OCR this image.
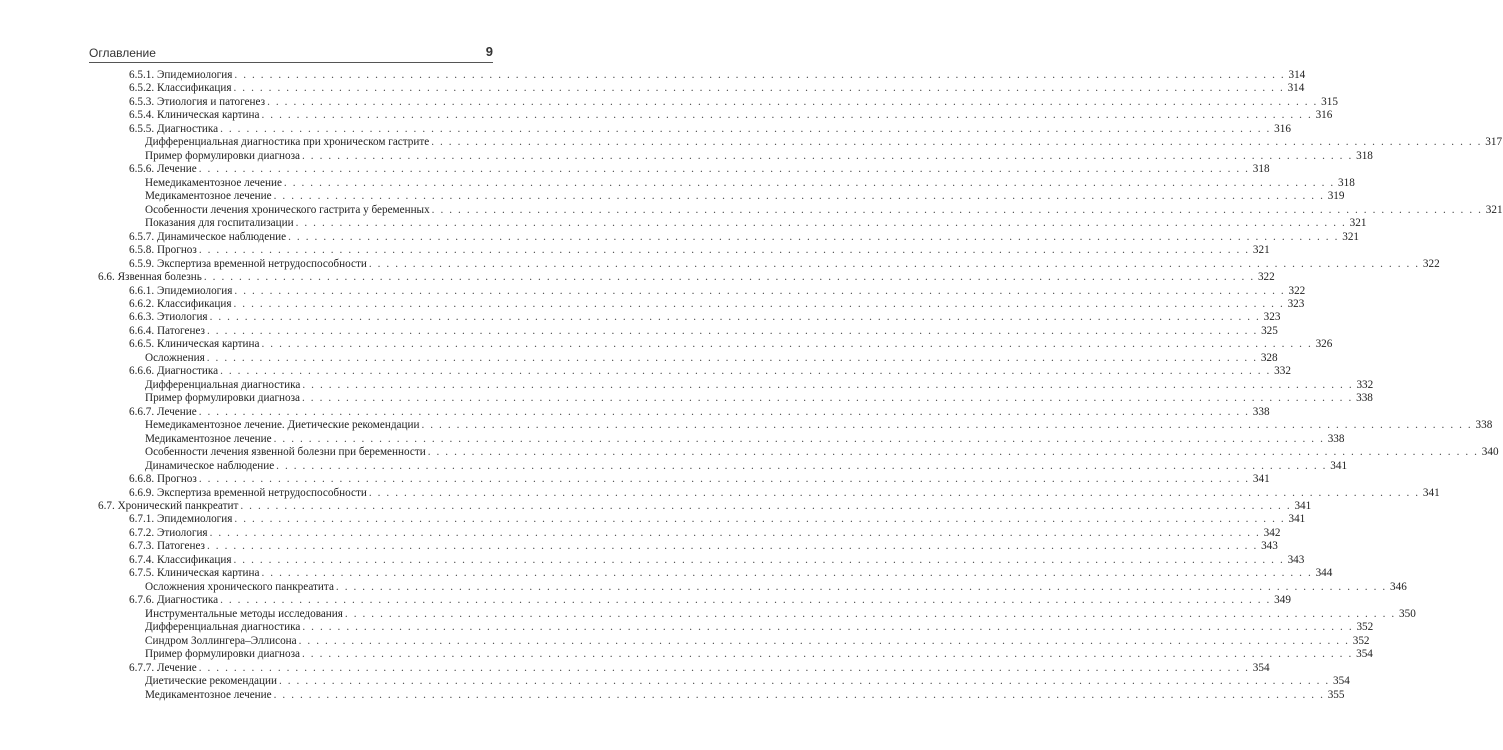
Оглавление	9
6.5.1. Эпидемиология . . . . . . . . . . . . . . . . . . . . . . . . . . . . . . . . . . . . . . . . . . . . . . . . . . . . . . . . . . . . . . . . . . . . . . . . . . . . . . . . . . . . . . . . . . . . . . . . . . . . . . . . . . . . . . . . . . . . . . . . 314
6.5.2. Классификация . . . . . . . . . . . . . . . . . . . . . . . . . . . . . . . . . . . . . . . . . . . . . . . . . . . . . . . . . . . . . . . . . . . . . . . . . . . . . . . . . . . . . . . . . . . . . . . . . . . . . . . . . . . . . . . . . . . . . . . . 314
6.5.3. Этиология и патогенез . . . . . . . . . . . . . . . . . . . . . . . . . . . . . . . . . . . . . . . . . . . . . . . . . . . . . . . . . . . . . . . . . . . . . . . . . . . . . . . . . . . . . . . . . . . . . . . . . . . . . . . . . . . . . . . . . . . . . . . . 315
6.5.4. Клиническая картина . . . . . . . . . . . . . . . . . . . . . . . . . . . . . . . . . . . . . . . . . . . . . . . . . . . . . . . . . . . . . . . . . . . . . . . . . . . . . . . . . . . . . . . . . . . . . . . . . . . . . . . . . . . . . . . . . . . . . . . . 316
6.5.5. Диагностика . . . . . . . . . . . . . . . . . . . . . . . . . . . . . . . . . . . . . . . . . . . . . . . . . . . . . . . . . . . . . . . . . . . . . . . . . . . . . . . . . . . . . . . . . . . . . . . . . . . . . . . . . . . . . . . . . . . . . . . . 316
Дифференциальная диагностика при хроническом гастрите . . . . . . . . . . . . . . . . . . . . . . . . . . . . . . . . . . . . . . . . . . . . . . . . . . . . . . . . . . . . . . . . . . . . . . . . . . . . . . . . . . . . . . . . . . . . . . . . . . . . . . . . . . . . . . . . . . . . . . . . 317
Пример формулировки диагноза . . . . . . . . . . . . . . . . . . . . . . . . . . . . . . . . . . . . . . . . . . . . . . . . . . . . . . . . . . . . . . . . . . . . . . . . . . . . . . . . . . . . . . . . . . . . . . . . . . . . . . . . . . . . . . . . . . . . . . . . 318
6.5.6. Лечение . . . . . . . . . . . . . . . . . . . . . . . . . . . . . . . . . . . . . . . . . . . . . . . . . . . . . . . . . . . . . . . . . . . . . . . . . . . . . . . . . . . . . . . . . . . . . . . . . . . . . . . . . . . . . . . . . . . . . . . . 318
Немедикаментозное лечение . . . . . . . . . . . . . . . . . . . . . . . . . . . . . . . . . . . . . . . . . . . . . . . . . . . . . . . . . . . . . . . . . . . . . . . . . . . . . . . . . . . . . . . . . . . . . . . . . . . . . . . . . . . . . . . . . . . . . . . . 318
Медикаментозное лечение . . . . . . . . . . . . . . . . . . . . . . . . . . . . . . . . . . . . . . . . . . . . . . . . . . . . . . . . . . . . . . . . . . . . . . . . . . . . . . . . . . . . . . . . . . . . . . . . . . . . . . . . . . . . . . . . . . . . . . . . 319
Особенности лечения хронического гастрита у беременных . . . . . . . . . . . . . . . . . . . . . . . . . . . . . . . . . . . . . . . . . . . . . . . . . . . . . . . . . . . . . . . . . . . . . . . . . . . . . . . . . . . . . . . . . . . . . . . . . . . . . . . . . . . . . . . . . . . . . . . . 321
Показания для госпитализации . . . . . . . . . . . . . . . . . . . . . . . . . . . . . . . . . . . . . . . . . . . . . . . . . . . . . . . . . . . . . . . . . . . . . . . . . . . . . . . . . . . . . . . . . . . . . . . . . . . . . . . . . . . . . . . . . . . . . . . . 321
6.5.7. Динамическое наблюдение . . . . . . . . . . . . . . . . . . . . . . . . . . . . . . . . . . . . . . . . . . . . . . . . . . . . . . . . . . . . . . . . . . . . . . . . . . . . . . . . . . . . . . . . . . . . . . . . . . . . . . . . . . . . . . . . . . . . . . . . 321
6.5.8. Прогноз . . . . . . . . . . . . . . . . . . . . . . . . . . . . . . . . . . . . . . . . . . . . . . . . . . . . . . . . . . . . . . . . . . . . . . . . . . . . . . . . . . . . . . . . . . . . . . . . . . . . . . . . . . . . . . . . . . . . . . . . 321
6.5.9. Экспертиза временной нетрудоспособности . . . . . . . . . . . . . . . . . . . . . . . . . . . . . . . . . . . . . . . . . . . . . . . . . . . . . . . . . . . . . . . . . . . . . . . . . . . . . . . . . . . . . . . . . . . . . . . . . . . . . . . . . . . . . . . . . . . . . . . . 322
6.6. Язвенная болезнь . . . . . . . . . . . . . . . . . . . . . . . . . . . . . . . . . . . . . . . . . . . . . . . . . . . . . . . . . . . . . . . . . . . . . . . . . . . . . . . . . . . . . . . . . . . . . . . . . . . . . . . . . . . . . . . . . . . . . . . . 322
6.6.1. Эпидемиология . . . . . . . . . . . . . . . . . . . . . . . . . . . . . . . . . . . . . . . . . . . . . . . . . . . . . . . . . . . . . . . . . . . . . . . . . . . . . . . . . . . . . . . . . . . . . . . . . . . . . . . . . . . . . . . . . . . . . . . . 322
6.6.2. Классификация . . . . . . . . . . . . . . . . . . . . . . . . . . . . . . . . . . . . . . . . . . . . . . . . . . . . . . . . . . . . . . . . . . . . . . . . . . . . . . . . . . . . . . . . . . . . . . . . . . . . . . . . . . . . . . . . . . . . . . . . 323
6.6.3. Этиология . . . . . . . . . . . . . . . . . . . . . . . . . . . . . . . . . . . . . . . . . . . . . . . . . . . . . . . . . . . . . . . . . . . . . . . . . . . . . . . . . . . . . . . . . . . . . . . . . . . . . . . . . . . . . . . . . . . . . . . . 323
6.6.4. Патогенез . . . . . . . . . . . . . . . . . . . . . . . . . . . . . . . . . . . . . . . . . . . . . . . . . . . . . . . . . . . . . . . . . . . . . . . . . . . . . . . . . . . . . . . . . . . . . . . . . . . . . . . . . . . . . . . . . . . . . . . . 325
6.6.5. Клиническая картина . . . . . . . . . . . . . . . . . . . . . . . . . . . . . . . . . . . . . . . . . . . . . . . . . . . . . . . . . . . . . . . . . . . . . . . . . . . . . . . . . . . . . . . . . . . . . . . . . . . . . . . . . . . . . . . . . . . . . . . . 326
Осложнения . . . . . . . . . . . . . . . . . . . . . . . . . . . . . . . . . . . . . . . . . . . . . . . . . . . . . . . . . . . . . . . . . . . . . . . . . . . . . . . . . . . . . . . . . . . . . . . . . . . . . . . . . . . . . . . . . . . . . . . . 328
6.6.6. Диагностика . . . . . . . . . . . . . . . . . . . . . . . . . . . . . . . . . . . . . . . . . . . . . . . . . . . . . . . . . . . . . . . . . . . . . . . . . . . . . . . . . . . . . . . . . . . . . . . . . . . . . . . . . . . . . . . . . . . . . . . . 332
Дифференциальная диагностика . . . . . . . . . . . . . . . . . . . . . . . . . . . . . . . . . . . . . . . . . . . . . . . . . . . . . . . . . . . . . . . . . . . . . . . . . . . . . . . . . . . . . . . . . . . . . . . . . . . . . . . . . . . . . . . . . . . . . . . . 332
Пример формулировки диагноза . . . . . . . . . . . . . . . . . . . . . . . . . . . . . . . . . . . . . . . . . . . . . . . . . . . . . . . . . . . . . . . . . . . . . . . . . . . . . . . . . . . . . . . . . . . . . . . . . . . . . . . . . . . . . . . . . . . . . . . . 338
6.6.7. Лечение . . . . . . . . . . . . . . . . . . . . . . . . . . . . . . . . . . . . . . . . . . . . . . . . . . . . . . . . . . . . . . . . . . . . . . . . . . . . . . . . . . . . . . . . . . . . . . . . . . . . . . . . . . . . . . . . . . . . . . . . 338
Немедикаментозное лечение. Диетические рекомендации . . . . . . . . . . . . . . . . . . . . . . . . . . . . . . . . . . . . . . . . . . . . . . . . . . . . . . . . . . . . . . . . . . . . . . . . . . . . . . . . . . . . . . . . . . . . . . . . . . . . . . . . . . . . . . . . . . . . . . . . 338
Медикаментозное лечение . . . . . . . . . . . . . . . . . . . . . . . . . . . . . . . . . . . . . . . . . . . . . . . . . . . . . . . . . . . . . . . . . . . . . . . . . . . . . . . . . . . . . . . . . . . . . . . . . . . . . . . . . . . . . . . . . . . . . . . . 338
Особенности лечения язвенной болезни при беременности . . . . . . . . . . . . . . . . . . . . . . . . . . . . . . . . . . . . . . . . . . . . . . . . . . . . . . . . . . . . . . . . . . . . . . . . . . . . . . . . . . . . . . . . . . . . . . . . . . . . . . . . . . . . . . . . . . . . . . . . 340
Динамическое наблюдение . . . . . . . . . . . . . . . . . . . . . . . . . . . . . . . . . . . . . . . . . . . . . . . . . . . . . . . . . . . . . . . . . . . . . . . . . . . . . . . . . . . . . . . . . . . . . . . . . . . . . . . . . . . . . . . . . . . . . . . . 341
6.6.8. Прогноз . . . . . . . . . . . . . . . . . . . . . . . . . . . . . . . . . . . . . . . . . . . . . . . . . . . . . . . . . . . . . . . . . . . . . . . . . . . . . . . . . . . . . . . . . . . . . . . . . . . . . . . . . . . . . . . . . . . . . . . . 341
6.6.9. Экспертиза временной нетрудоспособности . . . . . . . . . . . . . . . . . . . . . . . . . . . . . . . . . . . . . . . . . . . . . . . . . . . . . . . . . . . . . . . . . . . . . . . . . . . . . . . . . . . . . . . . . . . . . . . . . . . . . . . . . . . . . . . . . . . . . . . . 341
6.7. Хронический панкреатит . . . . . . . . . . . . . . . . . . . . . . . . . . . . . . . . . . . . . . . . . . . . . . . . . . . . . . . . . . . . . . . . . . . . . . . . . . . . . . . . . . . . . . . . . . . . . . . . . . . . . . . . . . . . . . . . . . . . . . . . 341
6.7.1. Эпидемиология . . . . . . . . . . . . . . . . . . . . . . . . . . . . . . . . . . . . . . . . . . . . . . . . . . . . . . . . . . . . . . . . . . . . . . . . . . . . . . . . . . . . . . . . . . . . . . . . . . . . . . . . . . . . . . . . . . . . . . . . 341
6.7.2. Этиология . . . . . . . . . . . . . . . . . . . . . . . . . . . . . . . . . . . . . . . . . . . . . . . . . . . . . . . . . . . . . . . . . . . . . . . . . . . . . . . . . . . . . . . . . . . . . . . . . . . . . . . . . . . . . . . . . . . . . . . . 342
6.7.3. Патогенез . . . . . . . . . . . . . . . . . . . . . . . . . . . . . . . . . . . . . . . . . . . . . . . . . . . . . . . . . . . . . . . . . . . . . . . . . . . . . . . . . . . . . . . . . . . . . . . . . . . . . . . . . . . . . . . . . . . . . . . . 343
6.7.4. Классификация . . . . . . . . . . . . . . . . . . . . . . . . . . . . . . . . . . . . . . . . . . . . . . . . . . . . . . . . . . . . . . . . . . . . . . . . . . . . . . . . . . . . . . . . . . . . . . . . . . . . . . . . . . . . . . . . . . . . . . . . 343
6.7.5. Клиническая картина . . . . . . . . . . . . . . . . . . . . . . . . . . . . . . . . . . . . . . . . . . . . . . . . . . . . . . . . . . . . . . . . . . . . . . . . . . . . . . . . . . . . . . . . . . . . . . . . . . . . . . . . . . . . . . . . . . . . . . . . 344
Осложнения хронического панкреатита . . . . . . . . . . . . . . . . . . . . . . . . . . . . . . . . . . . . . . . . . . . . . . . . . . . . . . . . . . . . . . . . . . . . . . . . . . . . . . . . . . . . . . . . . . . . . . . . . . . . . . . . . . . . . . . . . . . . . . . . 346
6.7.6. Диагностика . . . . . . . . . . . . . . . . . . . . . . . . . . . . . . . . . . . . . . . . . . . . . . . . . . . . . . . . . . . . . . . . . . . . . . . . . . . . . . . . . . . . . . . . . . . . . . . . . . . . . . . . . . . . . . . . . . . . . . . . 349
Инструментальные методы исследования . . . . . . . . . . . . . . . . . . . . . . . . . . . . . . . . . . . . . . . . . . . . . . . . . . . . . . . . . . . . . . . . . . . . . . . . . . . . . . . . . . . . . . . . . . . . . . . . . . . . . . . . . . . . . . . . . . . . . . . . 350
Дифференциальная диагностика . . . . . . . . . . . . . . . . . . . . . . . . . . . . . . . . . . . . . . . . . . . . . . . . . . . . . . . . . . . . . . . . . . . . . . . . . . . . . . . . . . . . . . . . . . . . . . . . . . . . . . . . . . . . . . . . . . . . . . . . 352
Синдром Золлингера–Эллисона . . . . . . . . . . . . . . . . . . . . . . . . . . . . . . . . . . . . . . . . . . . . . . . . . . . . . . . . . . . . . . . . . . . . . . . . . . . . . . . . . . . . . . . . . . . . . . . . . . . . . . . . . . . . . . . . . . . . . . . . 352
Пример формулировки диагноза . . . . . . . . . . . . . . . . . . . . . . . . . . . . . . . . . . . . . . . . . . . . . . . . . . . . . . . . . . . . . . . . . . . . . . . . . . . . . . . . . . . . . . . . . . . . . . . . . . . . . . . . . . . . . . . . . . . . . . . . 354
6.7.7. Лечение . . . . . . . . . . . . . . . . . . . . . . . . . . . . . . . . . . . . . . . . . . . . . . . . . . . . . . . . . . . . . . . . . . . . . . . . . . . . . . . . . . . . . . . . . . . . . . . . . . . . . . . . . . . . . . . . . . . . . . . . 354
Диетические рекомендации . . . . . . . . . . . . . . . . . . . . . . . . . . . . . . . . . . . . . . . . . . . . . . . . . . . . . . . . . . . . . . . . . . . . . . . . . . . . . . . . . . . . . . . . . . . . . . . . . . . . . . . . . . . . . . . . . . . . . . . . 354
Медикаментозное лечение . . . . . . . . . . . . . . . . . . . . . . . . . . . . . . . . . . . . . . . . . . . . . . . . . . . . . . . . . . . . . . . . . . . . . . . . . . . . . . . . . . . . . . . . . . . . . . . . . . . . . . . . . . . . . . . . . . . . . . . . 355
